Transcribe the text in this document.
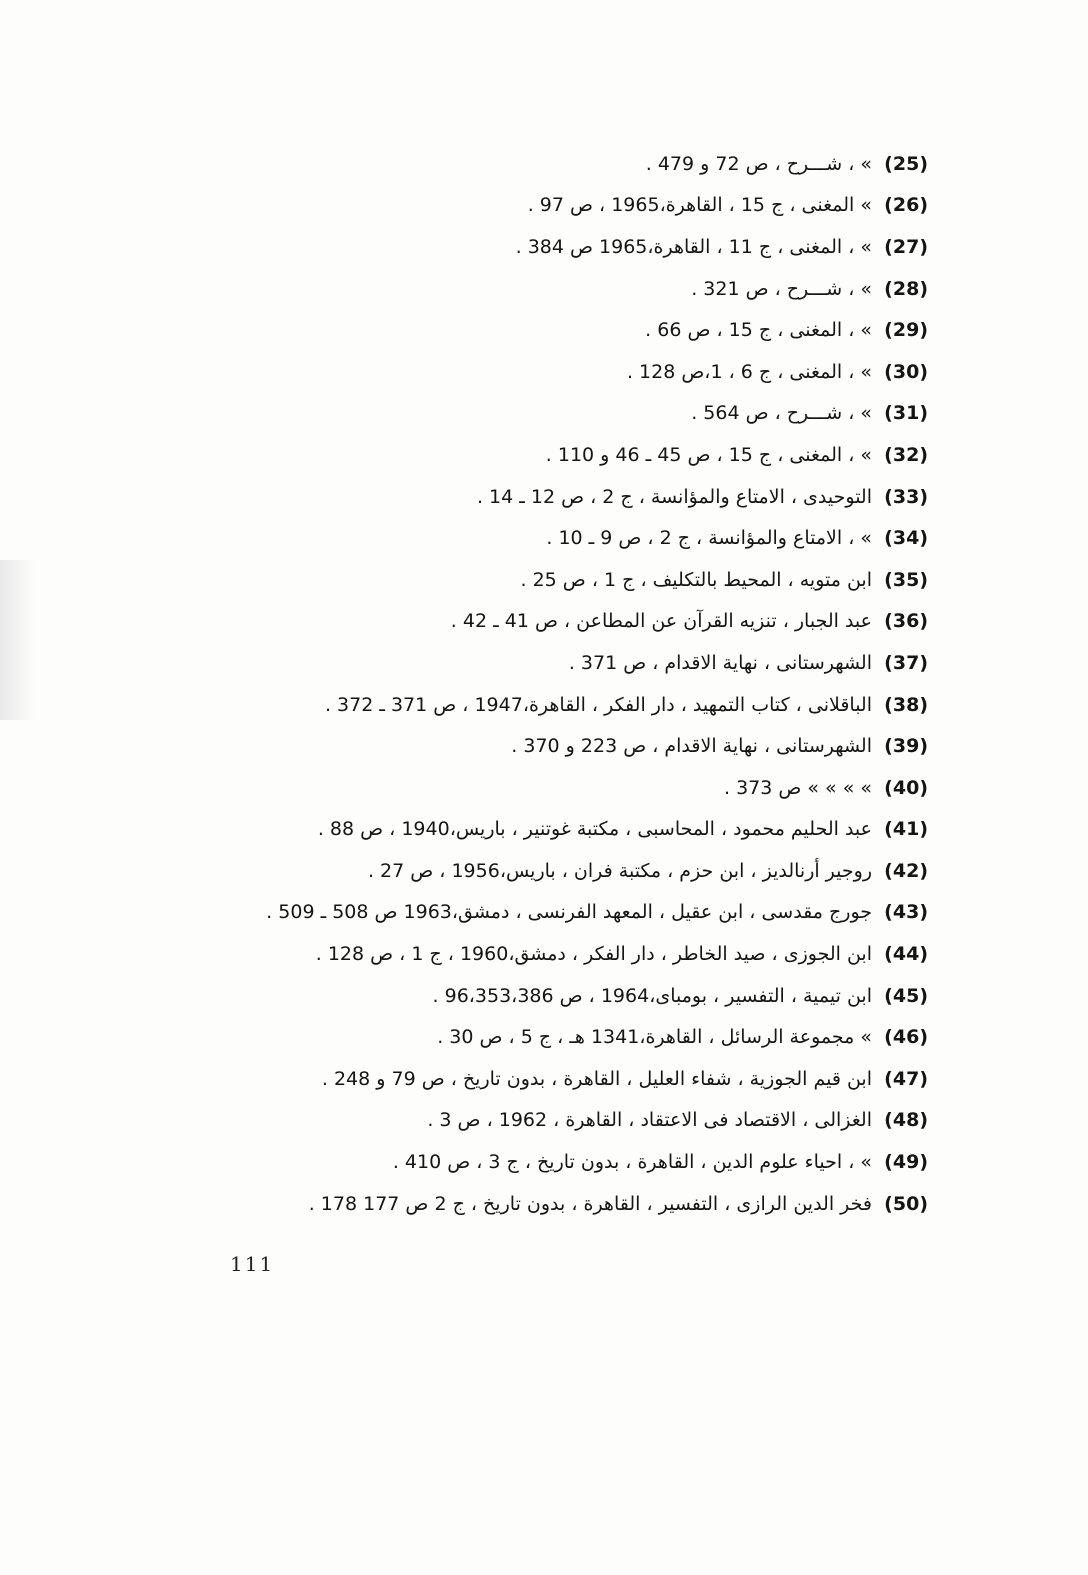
(25)
» ، شـــرح ، ص 72 و 479 .
(26)
» المغنى ، ج 15 ، القاهرة،1965 ، ص 97 .
(27)
» ، المغنى ، ج 11 ، القاهرة،1965 ص 384 .
(28)
» ، شـــرح ، ص 321 .
(29)
» ، المغنى ، ج 15 ، ص 66 .
(30)
» ، المغنى ، ج 6 ، 1،ص 128 .
(31)
» ، شـــرح ، ص 564 .
(32)
» ، المغنى ، ج 15 ، ص 45 ـ 46 و 110 .
(33)
التوحيدى ، الامتاع والمؤانسة ، ج 2 ، ص 12 ـ 14 .
(34)
» ، الامتاع والمؤانسة ، ج 2 ، ص 9 ـ 10 .
(35)
ابن متويه ، المحيط بالتكليف ، ج 1 ، ص 25 .
(36)
عبد الجبار ، تنزيه القرآن عن المطاعن ، ص 41 ـ 42 .
(37)
الشهرستانى ، نهاية الاقدام ، ص 371 .
(38)
الباقلانى ، كتاب التمهيد ، دار الفكر ، القاهرة،1947 ، ص 371 ـ 372 .
(39)
الشهرستانى ، نهاية الاقدام ، ص 223 و 370 .
(40)
» » » » ص 373 .
(41)
عبد الحليم محمود ، المحاسبى ، مكتبة غوتنير ، باريس،1940 ، ص 88 .
(42)
روجير أرنالديز ، ابن حزم ، مكتبة فران ، باريس،1956 ، ص 27 .
(43)
جورج مقدسى ، ابن عقيل ، المعهد الفرنسى ، دمشق،1963 ص 508 ـ 509 .
(44)
ابن الجوزى ، صيد الخاطر ، دار الفكر ، دمشق،1960 ، ج 1 ، ص 128 .
(45)
ابن تيمية ، التفسير ، بومباى،1964 ، ص 96،353،386 .
(46)
» مجموعة الرسائل ، القاهرة،1341 هـ ، ج 5 ، ص 30 .
(47)
ابن قيم الجوزية ، شفاء العليل ، القاهرة ، بدون تاريخ ، ص 79 و 248 .
(48)
الغزالى ، الاقتصاد فى الاعتقاد ، القاهرة ، 1962 ، ص 3 .
(49)
» ، احياء علوم الدين ، القاهرة ، بدون تاريخ ، ج 3 ، ص 410 .
(50)
فخر الدين الرازى ، التفسير ، القاهرة ، بدون تاريخ ، ج 2 ص 177 178 .
111
